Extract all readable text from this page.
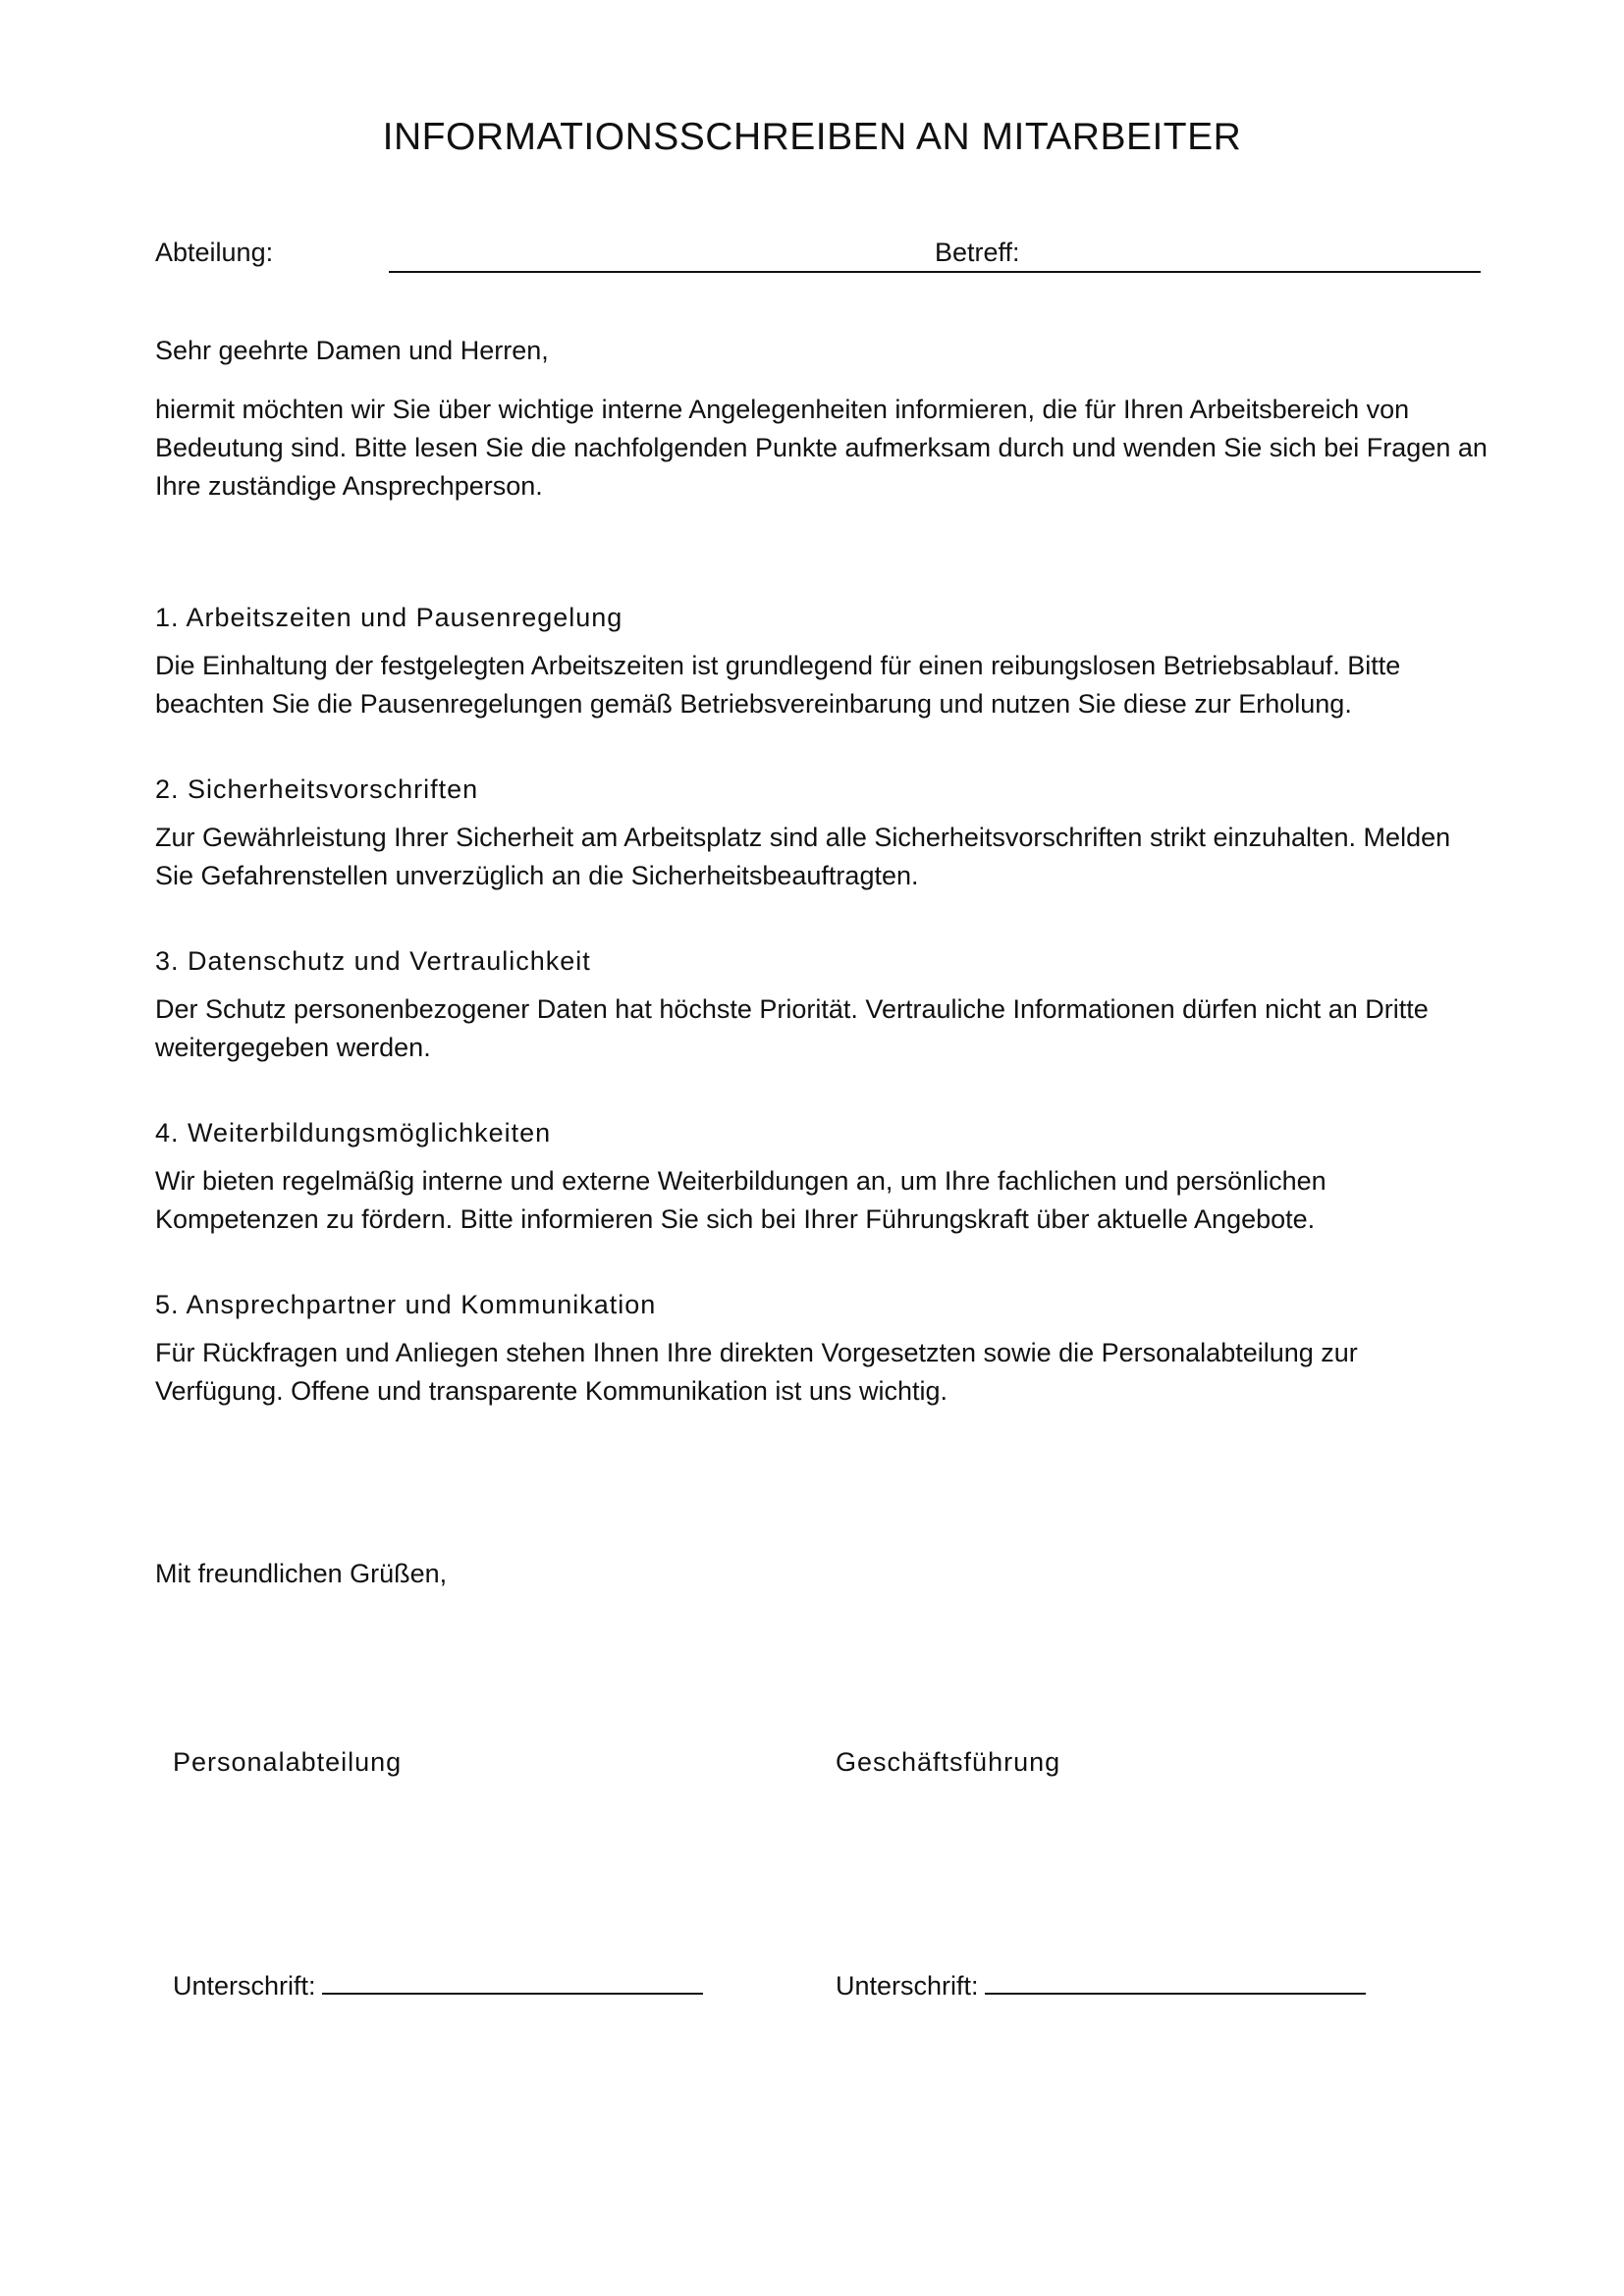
INFORMATIONSSCHREIBEN AN MITARBEITER
Abteilung:	Betreff:

Sehr geehrte Damen und Herren,

hiermit möchten wir Sie über wichtige interne Angelegenheiten informieren, die für Ihren Arbeitsbereich von Bedeutung sind. Bitte lesen Sie die nachfolgenden Punkte aufmerksam durch und wenden Sie sich bei Fragen an Ihre zuständige Ansprechperson.

1. Arbeitszeiten und Pausenregelung

Die Einhaltung der festgelegten Arbeitszeiten ist grundlegend für einen reibungslosen Betriebsablauf. Bitte beachten Sie die Pausenregelungen gemäß Betriebsvereinbarung und nutzen Sie diese zur Erholung.

2. Sicherheitsvorschriften

Zur Gewährleistung Ihrer Sicherheit am Arbeitsplatz sind alle Sicherheitsvorschriften strikt einzuhalten. Melden Sie Gefahrenstellen unverzüglich an die Sicherheitsbeauftragten.

3. Datenschutz und Vertraulichkeit

Der Schutz personenbezogener Daten hat höchste Priorität. Vertrauliche Informationen dürfen nicht an Dritte weitergegeben werden.

4. Weiterbildungsmöglichkeiten

Wir bieten regelmäßig interne und externe Weiterbildungen an, um Ihre fachlichen und persönlichen Kompetenzen zu fördern. Bitte informieren Sie sich bei Ihrer Führungskraft über aktuelle Angebote.

5. Ansprechpartner und Kommunikation

Für Rückfragen und Anliegen stehen Ihnen Ihre direkten Vorgesetzten sowie die Personalabteilung zur Verfügung. Offene und transparente Kommunikation ist uns wichtig.

Mit freundlichen Grüßen,

Personalabteilung	Geschäftsführung
Unterschrift:	Unterschrift:
